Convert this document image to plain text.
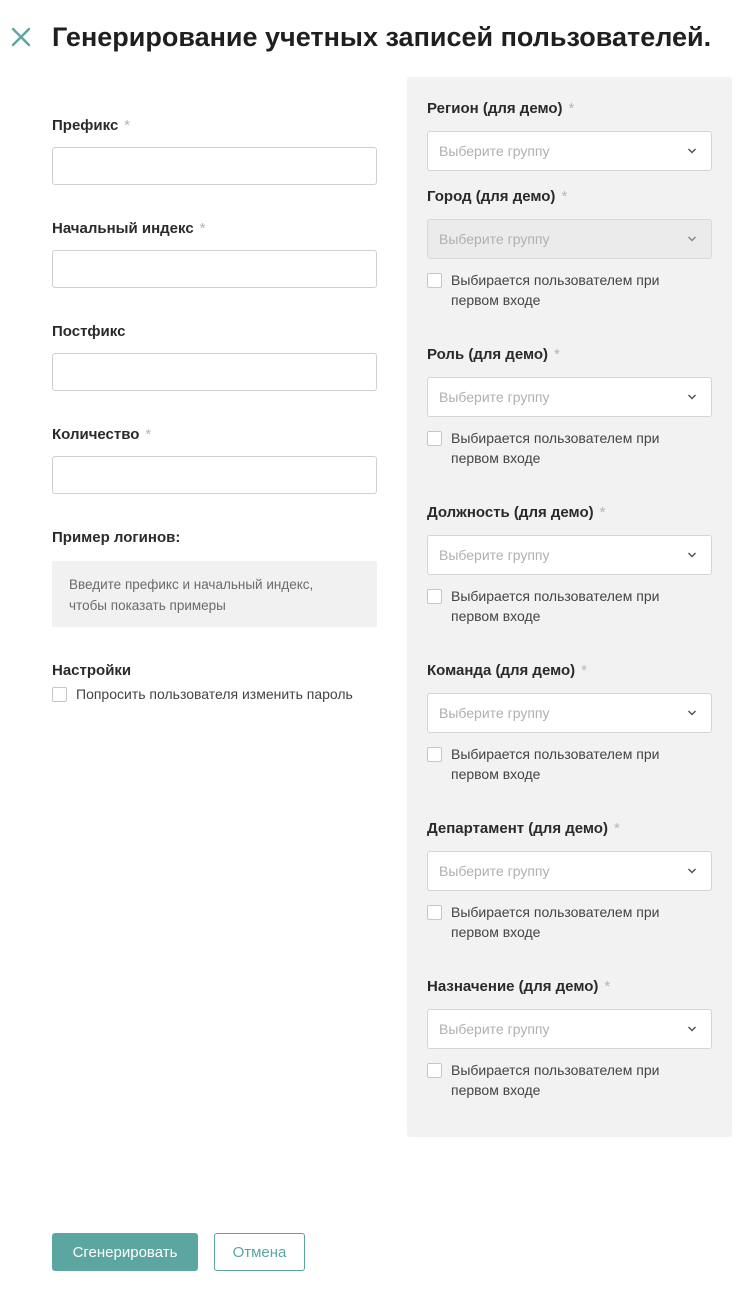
Генерирование учетных записей пользователей.
Префикс *
Начальный индекс *
Постфикс
Количество *
Пример логинов:
Введите префикс и начальный индекс,
чтобы показать примеры
Настройки
Попросить пользователя изменить пароль
Регион (для демо) *
Выберите группу
Город (для демо) *
Выберите группу
Выбирается пользователем при
первом входе
Роль (для демо) *
Выберите группу
Выбирается пользователем при
первом входе
Должность (для демо) *
Выберите группу
Выбирается пользователем при
первом входе
Команда (для демо) *
Выберите группу
Выбирается пользователем при
первом входе
Департамент (для демо) *
Выберите группу
Выбирается пользователем при
первом входе
Назначение (для демо) *
Выберите группу
Выбирается пользователем при
первом входе
Сгенерировать	Отмена
